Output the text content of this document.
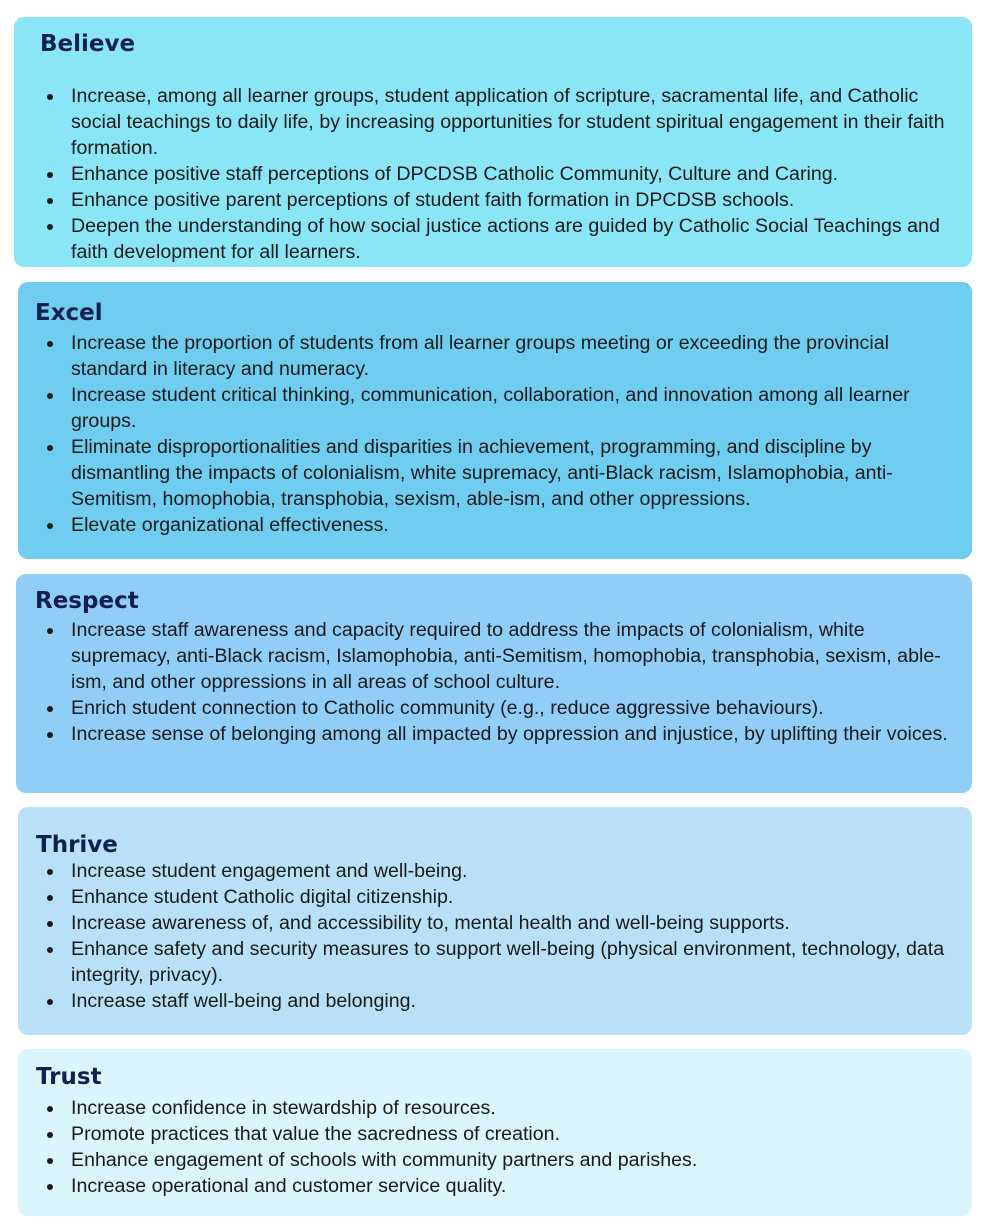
Believe
Increase, among all learner groups, student application of scripture, sacramental life, and Catholic social teachings to daily life, by increasing opportunities for student spiritual engagement in their faith formation.
Enhance positive staff perceptions of DPCDSB Catholic Community, Culture and Caring.
Enhance positive parent perceptions of student faith formation in DPCDSB schools.
Deepen the understanding of how social justice actions are guided by Catholic Social Teachings and faith development for all learners.
Excel
Increase the proportion of students from all learner groups meeting or exceeding the provincial standard in literacy and numeracy.
Increase student critical thinking, communication, collaboration, and innovation among all learner groups.
Eliminate disproportionalities and disparities in achievement, programming, and discipline by dismantling the impacts of colonialism, white supremacy, anti-Black racism, Islamophobia, anti-Semitism, homophobia, transphobia, sexism, able-ism, and other oppressions.
Elevate organizational effectiveness.
Respect
Increase staff awareness and capacity required to address the impacts of colonialism, white supremacy, anti-Black racism, Islamophobia, anti-Semitism, homophobia, transphobia, sexism, able-ism, and other oppressions in all areas of school culture.
Enrich student connection to Catholic community (e.g., reduce aggressive behaviours).
Increase sense of belonging among all impacted by oppression and injustice, by uplifting their voices.
Thrive
Increase student engagement and well-being.
Enhance student Catholic digital citizenship.
Increase awareness of, and accessibility to, mental health and well-being supports.
Enhance safety and security measures to support well-being (physical environment, technology, data integrity, privacy).
Increase staff well-being and belonging.
Trust
Increase confidence in stewardship of resources.
Promote practices that value the sacredness of creation.
Enhance engagement of schools with community partners and parishes.
Increase operational and customer service quality.
